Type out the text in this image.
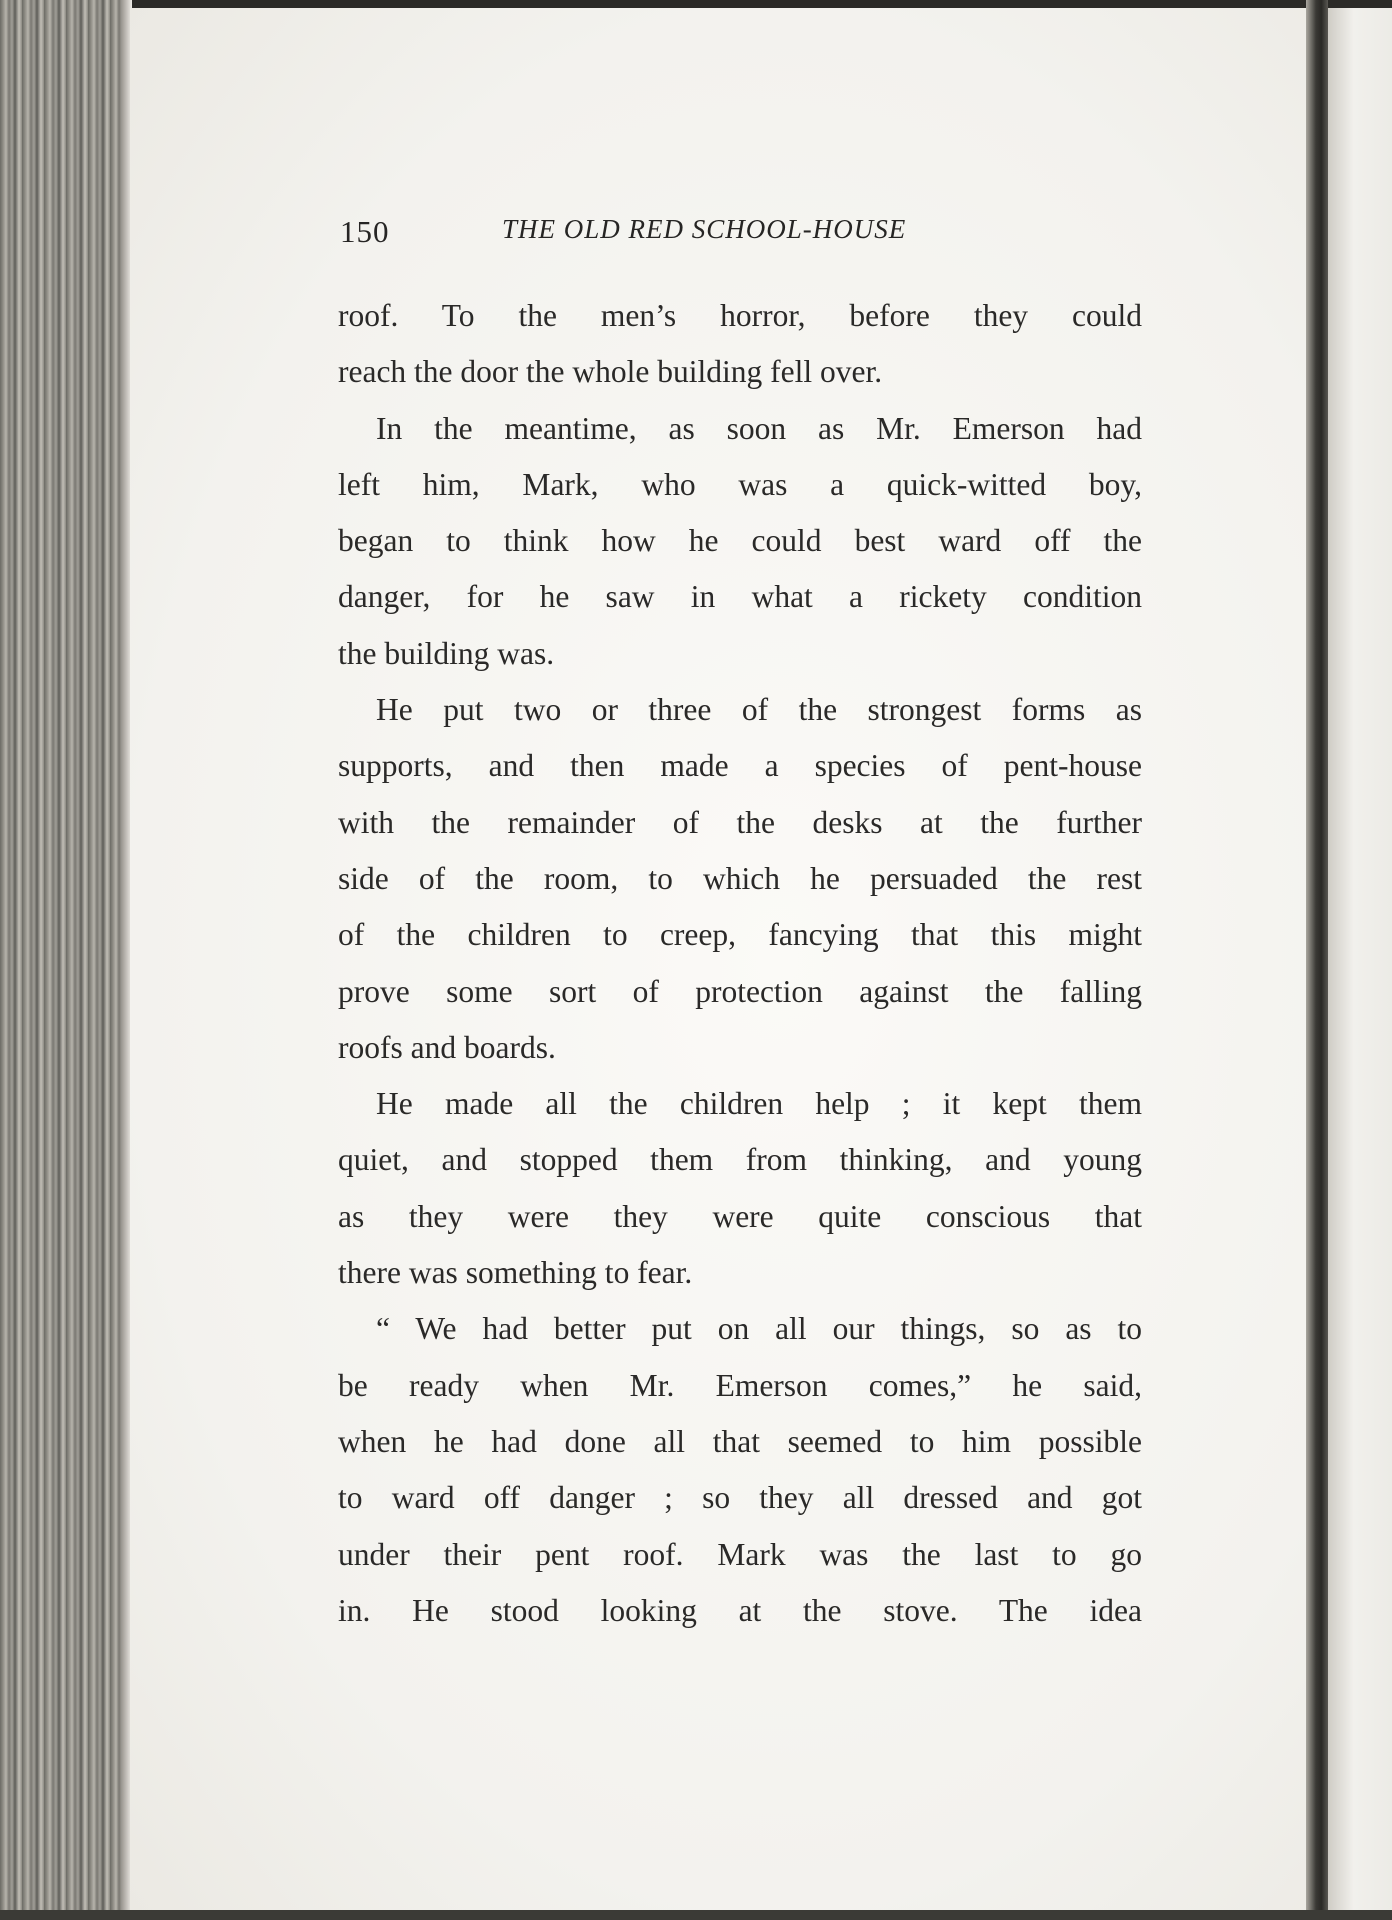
150	THE OLD RED SCHOOL-HOUSE

roof. To the men’s horror, before they could
reach the door the whole building fell over.

In the meantime, as soon as Mr. Emerson had
left him, Mark, who was a quick-witted boy,
began to think how he could best ward off the
danger, for he saw in what a rickety condition
the building was.

He put two or three of the strongest forms as
supports, and then made a species of pent-house
with the remainder of the desks at the further
side of the room, to which he persuaded the rest
of the children to creep, fancying that this might
prove some sort of protection against the falling
roofs and boards.

He made all the children help ; it kept them
quiet, and stopped them from thinking, and young
as they were they were quite conscious that
there was something to fear.

“ We had better put on all our things, so as to
be ready when Mr. Emerson comes,” he said,
when he had done all that seemed to him possible
to ward off danger ; so they all dressed and got
under their pent roof. Mark was the last to go
in. He stood looking at the stove. The idea
